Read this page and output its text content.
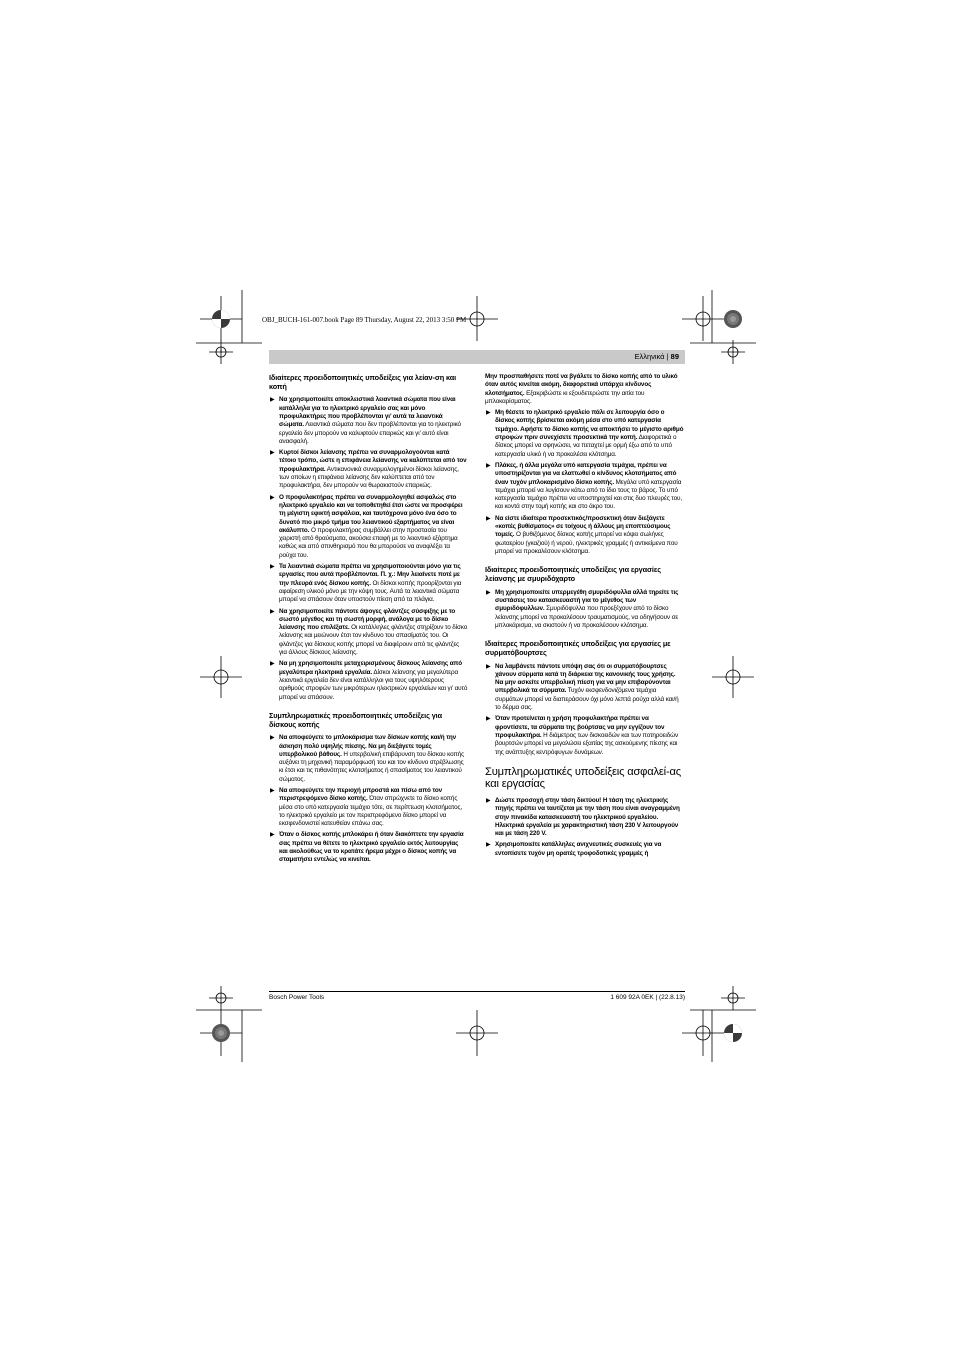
OBJ_BUCH-161-007.book Page 89 Thursday, August 22, 2013 3:50 PM
Ελληνικά | 89
Ιδιαίτερες προειδοποιητικές υποδείξεις για λείαν-ση και κοπή
▶ Να χρησιμοποιείτε αποκλειστικά λειαντικά σώματα που είναι κατάλληλα για το ηλεκτρικό εργαλείο σας και μόνο προφυλακτήρες που προβλέπονται γι’ αυτά τα λειαντικά σώματα. Λειαντικά σώματα που δεν προβλέπονται για το ηλεκτρικό εργαλείο δεν μπορούν να καλυφτούν επαρκώς και γι’ αυτό είναι ανασφαλή.
▶ Κυρτοί δίσκοι λείανσης πρέπει να συναρμολογούνται κατά τέτοιο τρόπο, ώστε η επιφάνεια λείανσης να καλύπτεται από τον προφυλακτήρα. Αντικανονικά συναρμολογημένοι δίσκοι λείανσης, των οποίων η επιφάνεια λείανσης δεν καλύπτεται από τον προφυλακτήρα, δεν μπορούν να θωρακιστούν επαρκώς.
▶ Ο προφυλακτήρας πρέπει να συναρμολογηθεί ασφαλώς στο ηλεκτρικό εργαλείο και να τοποθετηθεί έτσι ώστε να προσφέρει τη μέγιστη εφικτή ασφάλεια, και ταυτόχρονα μόνο ένα όσο το δυνατό πιο μικρό τμήμα του λειαντικού εξαρτήματος να είναι ακάλυπτο. Ο προφυλακτήρας συμβάλλει στην προστασία του χειριστή από θραύσματα, ακούσια επαφή με το λειαντικό εξάρτημα καθώς και από σπινθηρισμό που θα μπορούσε να αναφλέξει τα ρούχα του.
▶ Τα λειαντικά σώματα πρέπει να χρησιμοποιούνται μόνο για τις εργασίες που αυτά προβλέπονται. Π. χ.: Μην λειαίνετε ποτέ με την πλευρά ενός δίσκου κοπής. Οι δίσκοι κοπής προορίζονται για αφαίρεση υλικού μόνο με την κόψη τους. Αυτά τα λειαντικά σώματα μπορεί να σπάσουν όταν υποστούν πίεση από τα πλάγια.
▶ Να χρησιμοποιείτε πάντοτε άψογες φλάντζες σύσφιξης με το σωστό μέγεθος και τη σωστή μορφή, ανάλογα με το δίσκο λείανσης που επιλέξατε. Οι κατάλληλες φλάντζες στηρίζουν το δίσκο λείανσης και μειώνουν έτσι τον κίνδυνο του σπασίματός του. Οι φλάντζες για δίσκους κοπής μπορεί να διαφέρουν από τις φλάντζες για άλλους δίσκους λείανσης.
▶ Να μη χρησιμοποιείτε μεταχειρισμένους δίσκους λείανσης από μεγαλύτερα ηλεκτρικά εργαλεία. Δίσκοι λείανσης για μεγαλύτερα λειαντικά εργαλεία δεν είναι κατάλληλοι για τους υψηλότερους αριθμούς στροφών των μικρότερων ηλεκτρικών εργαλείων και γι’ αυτό μπορεί να σπάσουν.
Συμπληρωματικές προειδοποιητικές υποδείξεις για δίσκους κοπής
▶ Να αποφεύγετε το μπλοκάρισμα των δίσκων κοπής και/ή την άσκηση πολύ υψηλής πίεσης. Να μη διεξάγετε τομές υπερβολικού βάθους. Η υπερβολική επιβάρυνση του δίσκου κοπής αυξάνει τη μηχανική παραμόρφωσή του και τον κίνδυνο στρέβλωσης κι έτσι και τις πιθανότητες κλοτσήματος ή σπασίματος του λειαντικού σώματος.
▶ Να αποφεύγετε την περιοχή μπροστά και πίσω από τον περιστρεφόμενο δίσκο κοπής. Όταν σπρώχνετε το δίσκο κοπής μέσα στο υπό κατεργασία τεμάχιο τότε, σε περίπτωση κλοτσήματος, το ηλεκτρικό εργαλείο με τον περιστρεφόμενο δίσκο μπορεί να εκσφενδονιστεί κατευθείαν επάνω σας.
▶ Όταν ο δίσκος κοπής μπλοκάρει ή όταν διακόπτετε την εργασία σας πρέπει να θέτετε το ηλεκτρικό εργαλείο εκτός λειτουργίας και ακολούθως να το κρατάτε ήρεμα μέχρι ο δίσκος κοπής να σταματήσει εντελώς να κινείται.
Μην προσπαθήσετε ποτέ να βγάλετε το δίσκο κοπής από το υλικό όταν αυτός κινείται ακόμη, διαφορετικά υπάρχει κίνδυνος κλοτσήματος. Εξακριβώστε κι εξουδετερώστε την αιτία του μπλοκαρίσματος.
▶ Μη θέσετε το ηλεκτρικό εργαλείο πάλι σε λειτουργία όσο ο δίσκος κοπής βρίσκεται ακόμη μέσα στο υπό κατεργασία τεμάχιο. Αφήστε το δίσκο κοπής να αποκτήσει το μέγιστο αριθμό στροφών πριν συνεχίσετε προσεκτικά την κοπή. Διαφορετικά ο δίσκος μπορεί να σφηνώσει, να πεταχτεί με ορμή έξω από το υπό κατεργασία υλικό ή να προκαλέσει κλότσημα.
▶ Πλάκες, ή άλλα μεγάλα υπό κατεργασία τεμάχια, πρέπει να υποστηρίζονται για να ελαττωθεί ο κίνδυνος κλοτσήματος από έναν τυχόν μπλοκαρισμένο δίσκο κοπής. Μεγάλα υπό κατεργασία τεμάχια μπορεί να λυγίσουν κάτω από το ίδιο τους το βάρος. Το υπό κατεργασία τεμάχιο πρέπει να υποστηριχτεί και στις δυο πλευρές του, και κοντά στην τομή κοπής και στο άκρο του.
▶ Να είστε ιδιαίτερα προσεκτικός/προσεκτική όταν διεξάγετε «κοπές βυθίσματος» σε τοίχους ή άλλους μη εποπτεύσιμους τομείς. Ο βυθιζόμενος δίσκος κοπής μπορεί να κόψει σωλήνες φωταερίου (γκαζιού) ή νερού, ηλεκτρικές γραμμές ή αντικείμενα που μπορεί να προκαλέσουν κλότσημα.
Ιδιαίτερες προειδοποιητικές υποδείξεις για εργασίες λείανσης με σμυριδόχαρτο
▶ Μη χρησιμοποιείτε υπερμεγέθη σμυριδόφυλλα αλλά τηρείτε τις συστάσεις του κατασκευαστή για το μέγεθος των σμυριδόφυλλων. Σμυριδόφυλλα που προεξέχουν από το δίσκο λείανσης μπορεί να προκαλέσουν τραυματισμούς, να οδηγήσουν σε μπλοκάρισμα, να σκιστούν ή να προκαλέσουν κλότσημα.
Ιδιαίτερες προειδοποιητικές υποδείξεις για εργασίες με συρματόβουρτσες
▶ Να λαμβάνετε πάντοτε υπόψη σας ότι οι συρματόβουρτσες χάνουν σύρματα κατά τη διάρκεια της κανονικής τους χρήσης. Να μην ασκείτε υπερβολική πίεση για να μην επιβαρύνονται υπερβολικά τα σύρματα. Τυχόν εκσφενδονιζόμενα τεμάχια συρμάτων μπορεί να διαπεράσουν όχι μόνο λεπτά ρούχα αλλά και/ή το δέρμα σας.
▶ Όταν προτείνεται η χρήση προφυλακτήρα πρέπει να φροντίσετε, τα σύρματα της βούρτσας να μην εγγίζουν τον προφυλακτήρα. Η διάμετρος των δισκοειδών και των ποτηροειδών βουρτσών μπορεί να μεγαλώσει εξαιτίας της ασκούμενης πίεσης και της ανάπτυξης κεντρόφυγων δυνάμεων.
Συμπληρωματικές υποδείξεις ασφαλεί-ας και εργασίας
▶ Δώστε προσοχή στην τάση δικτύου! Η τάση της ηλεκτρικής πηγής πρέπει να ταυτίζεται με την τάση που είναι αναγραμμένη στην πινακίδα κατασκευαστή του ηλεκτρικού εργαλείου. Ηλεκτρικά εργαλεία με χαρακτηριστική τάση 230 V λειτουργούν και με τάση 220 V.
▶ Χρησιμοποιείτε κατάλληλες ανιχνευτικές συσκευές για να εντοπίσετε τυχόν μη ορατές τροφοδοτικές γραμμές ή
Bosch Power Tools	1 609 92A 0EK | (22.8.13)
